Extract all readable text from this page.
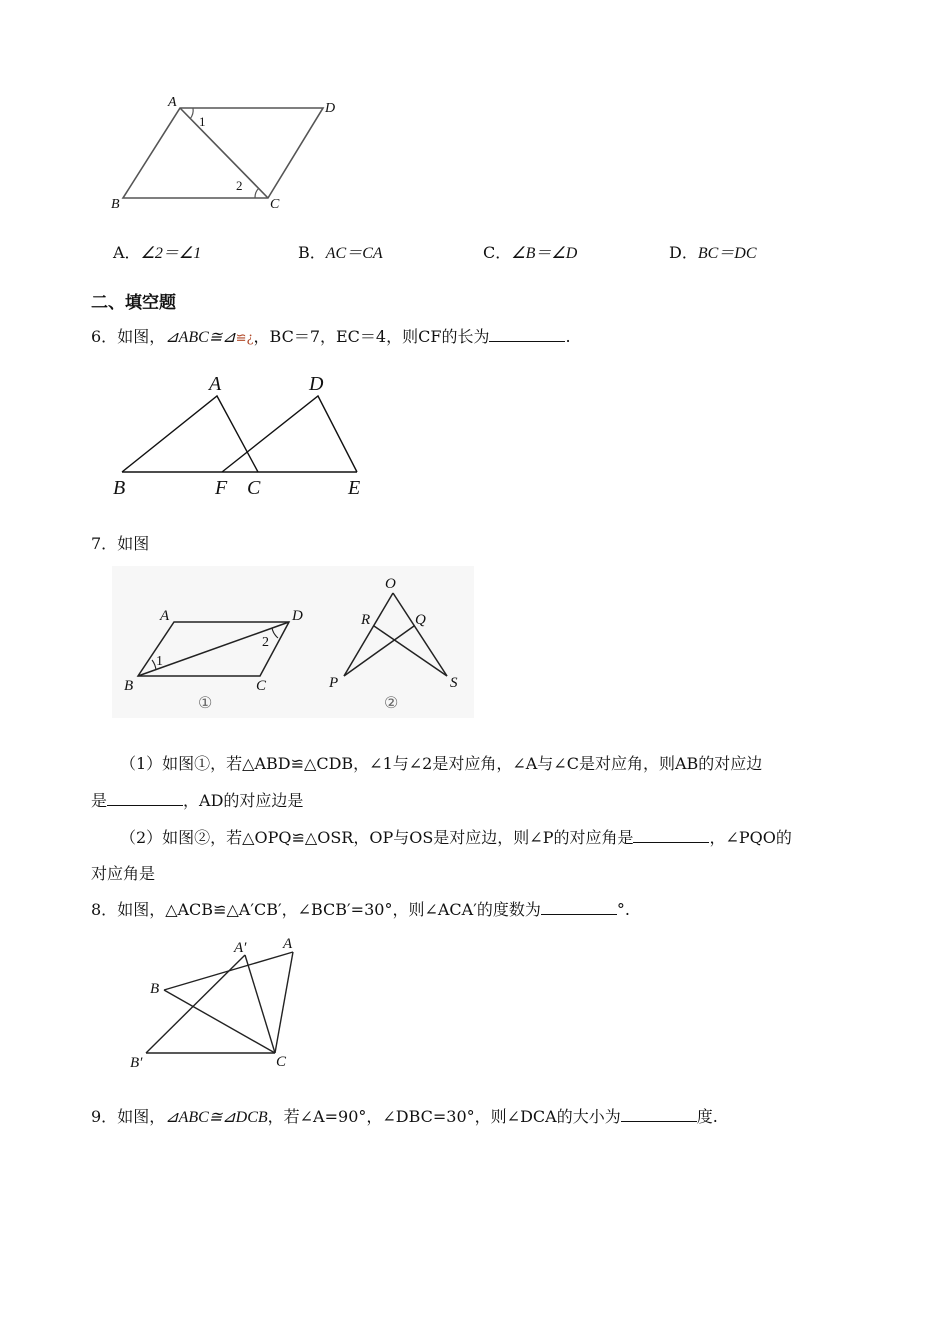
A	D
B	C
1
2
A．∠2＝∠1	B．AC＝CA	C．∠B＝∠D	D．BC＝DC
二、填空题
6．如图，⊿ABC≅⊿≌¿，BC＝7，EC＝4，则CF的长为	.
A	D
B	F C	E
7．如图
A	D
B	C
1
2
①
O
R	Q
P	S
②
（1）如图①，若△ABD≌△CDB，∠1与∠2是对应角，∠A与∠C是对应角，则AB的对应边
是	，AD的对应边是
（2）如图②，若△OPQ≌△OSR，OP与OS是对应边，则∠P的对应角是	，∠PQO的
对应角是
8．如图，△ACB≌△A′CB′，∠BCB′=30°，则∠ACA′的度数为	°.
A′ A
B
B′	C
9．如图，⊿ABC≅⊿DCB，若∠A=90°，∠DBC=30°，则∠DCA的大小为	度.
